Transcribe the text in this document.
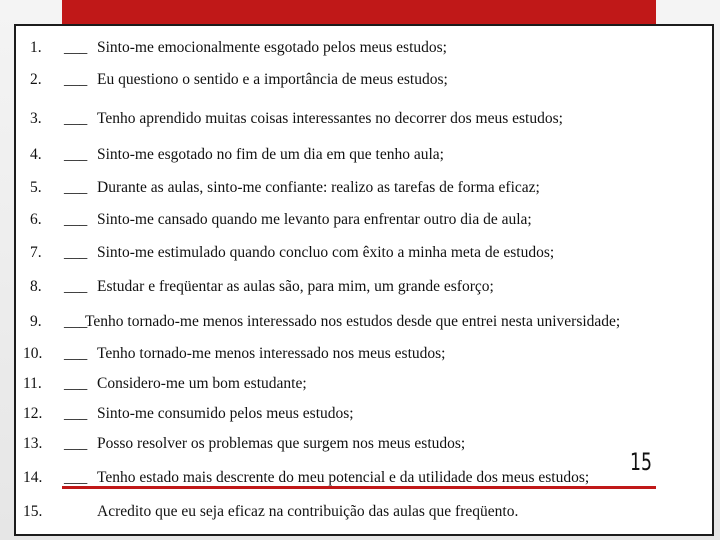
1. ___ Sinto-me emocionalmente esgotado pelos meus estudos;
2. ___ Eu questiono o sentido e a importância de meus estudos;
3. ___ Tenho aprendido muitas coisas interessantes no decorrer dos meus estudos;
4. ___ Sinto-me esgotado no fim de um dia em que tenho aula;
5. ___ Durante as aulas, sinto-me confiante: realizo as tarefas de forma eficaz;
6. ___ Sinto-me cansado quando me levanto para enfrentar outro dia de aula;
7. ___ Sinto-me estimulado quando concluo com êxito a minha meta de estudos;
8. ___ Estudar e freqüentar as aulas são, para mim, um grande esforço;
9. ___
Tenho tornado-me menos interessado nos estudos desde que entrei nesta universidade;
10. ___ Tenho tornado-me menos interessado nos meus estudos;
11. ___ Considero-me um bom estudante;
12. ___ Sinto-me consumido pelos meus estudos;
13. ___ Posso resolver os problemas que surgem nos meus estudos;
14. ___ Tenho estado mais descrente do meu potencial e da utilidade dos meus estudos;
15.	Acredito que eu seja eficaz na contribuição das aulas que freqüento.
15
